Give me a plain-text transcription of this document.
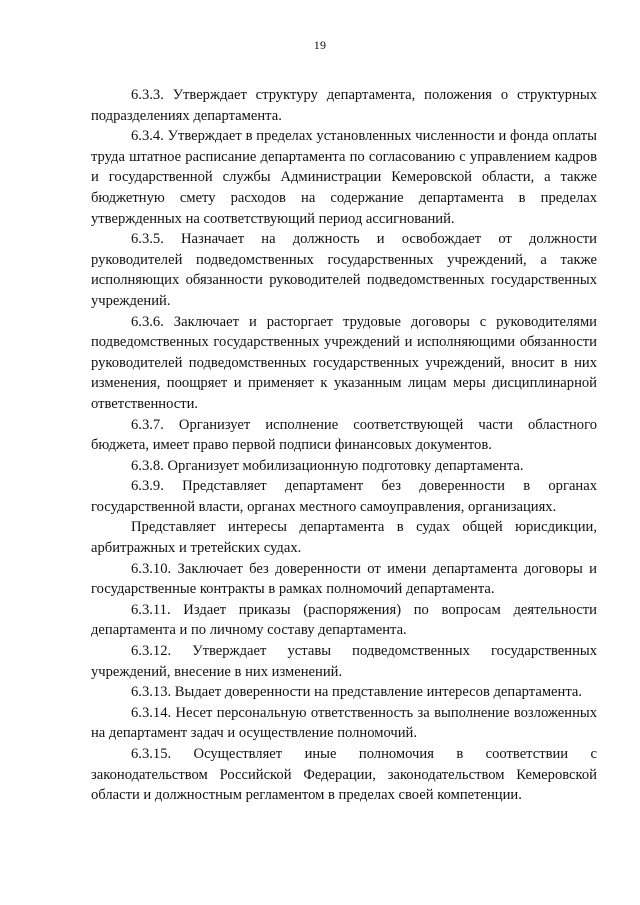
19

6.3.3. Утверждает структуру департамента, положения о структурных подразделениях департамента.

6.3.4. Утверждает в пределах установленных численности и фонда оплаты труда штатное расписание департамента по согласованию с управлением кадров и государственной службы Администрации Кемеровской области, а также бюджетную смету расходов на содержание департамента в пределах утвержденных на соответствующий период ассигнований.

6.3.5. Назначает на должность и освобождает от должности руководителей подведомственных государственных учреждений, а также исполняющих обязанности руководителей подведомственных государственных учреждений.

6.3.6. Заключает и расторгает трудовые договоры с руководителями подведомственных государственных учреждений и исполняющими обязанности руководителей подведомственных государственных учреждений, вносит в них изменения, поощряет и применяет к указанным лицам меры дисциплинарной ответственности.

6.3.7. Организует исполнение соответствующей части областного бюджета, имеет право первой подписи финансовых документов.

6.3.8. Организует мобилизационную подготовку департамента.

6.3.9. Представляет департамент без доверенности в органах государственной власти, органах местного самоуправления, организациях.

Представляет интересы департамента в судах общей юрисдикции, арбитражных и третейских судах.

6.3.10. Заключает без доверенности от имени департамента договоры и государственные контракты в рамках полномочий департамента.

6.3.11. Издает приказы (распоряжения) по вопросам деятельности департамента и по личному составу департамента.

6.3.12. Утверждает уставы подведомственных государственных учреждений, внесение в них изменений.

6.3.13. Выдает доверенности на представление интересов департамента.

6.3.14. Несет персональную ответственность за выполнение возложенных на департамент задач и осуществление полномочий.

6.3.15. Осуществляет иные полномочия в соответствии с законодательством Российской Федерации, законодательством Кемеровской области и должностным регламентом в пределах своей компетенции.
